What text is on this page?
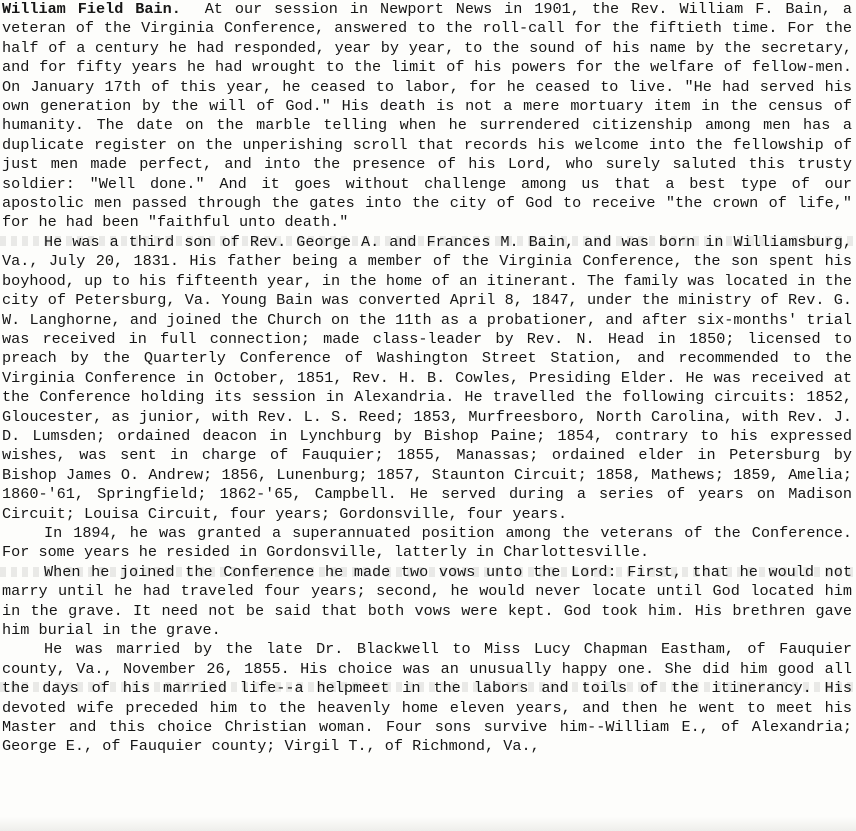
William Field Bain. At our session in Newport News in 1901, the Rev. William F. Bain, a veteran of the Virginia Conference, answered to the roll-call for the fiftieth time. For the half of a century he had responded, year by year, to the sound of his name by the secretary, and for fifty years he had wrought to the limit of his powers for the welfare of fellow-men. On January 17th of this year, he ceased to labor, for he ceased to live. "He had served his own generation by the will of God." His death is not a mere mortuary item in the census of humanity. The date on the marble telling when he surrendered citizenship among men has a duplicate register on the unperishing scroll that records his welcome into the fellowship of just men made perfect, and into the presence of his Lord, who surely saluted this trusty soldier: "Well done." And it goes without challenge among us that a best type of our apostolic men passed through the gates into the city of God to receive "the crown of life," for he had been "faithful unto death."

He was a third son of Rev. George A. and Frances M. Bain, and was born in Williamsburg, Va., July 20, 1831. His father being a member of the Virginia Conference, the son spent his boyhood, up to his fifteenth year, in the home of an itinerant. The family was located in the city of Petersburg, Va. Young Bain was converted April 8, 1847, under the ministry of Rev. G. W. Langhorne, and joined the Church on the 11th as a probationer, and after six-months' trial was received in full connection; made class-leader by Rev. N. Head in 1850; licensed to preach by the Quarterly Conference of Washington Street Station, and recommended to the Virginia Conference in October, 1851, Rev. H. B. Cowles, Presiding Elder. He was received at the Conference holding its session in Alexandria. He travelled the following circuits: 1852, Gloucester, as junior, with Rev. L. S. Reed; 1853, Murfreesboro, North Carolina, with Rev. J. D. Lumsden; ordained deacon in Lynchburg by Bishop Paine; 1854, contrary to his expressed wishes, was sent in charge of Fauquier; 1855, Manassas; ordained elder in Petersburg by Bishop James O. Andrew; 1856, Lunenburg; 1857, Staunton Circuit; 1858, Mathews; 1859, Amelia; 1860-'61, Springfield; 1862-'65, Campbell. He served during a series of years on Madison Circuit; Louisa Circuit, four years; Gordonsville, four years.

In 1894, he was granted a superannuated position among the veterans of the Conference. For some years he resided in Gordonsville, latterly in Charlottesville.

When he joined the Conference he made two vows unto the Lord: First, that he would not marry until he had traveled four years; second, he would never locate until God located him in the grave. It need not be said that both vows were kept. God took him. His brethren gave him burial in the grave.

He was married by the late Dr. Blackwell to Miss Lucy Chapman Eastham, of Fauquier county, Va., November 26, 1855. His choice was an unusually happy one. She did him good all the days of his married life--a helpmeet in the labors and toils of the itinerancy. His devoted wife preceded him to the heavenly home eleven years, and then he went to meet his Master and this choice Christian woman. Four sons survive him--William E., of Alexandria; George E., of Fauquier county; Virgil T., of Richmond, Va.,
